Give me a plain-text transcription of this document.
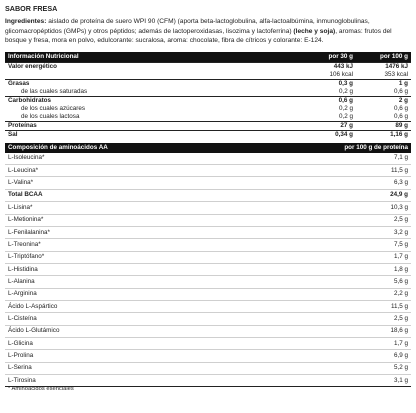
SABOR FRESA
Ingredientes: aislado de proteína de suero WPI 90 (CFM) (aporta beta-lactoglobulina, alfa-lactoalbúmina, inmunoglobulinas, glicomacropéptidos (GMPs) y otros péptidos; además de lactoperoxidasas, lisozima y lactoferrina) (leche y soja), aromas: frutos del bosque y fresa, mora en polvo, edulcorante: sucralosa, aroma: chocolate, fibra de cítricos y colorante: E-124.
Información Nutricional	por 30 g	por 100 g
Valor energético	443 kJ	1476 kJ
	106 kcal	353 kcal
Grasas	0,3 g	1 g
de las cuales saturadas	0,2 g	0,6 g
Carbohidratos	0,6 g	2 g
de los cuales azúcares	0,2 g	0,6 g
de los cuales lactosa	0,2 g	0,6 g
Proteínas	27 g	89 g
Sal	0,34 g	1,16 g
Composición de aminoácidos AA	por 100 g de proteína
L-Isoleucina*	7,1 g
L-Leucina*	11,5 g
L-Valina*	6,3 g
Total BCAA	24,9 g
L-Lisina*	10,3 g
L-Metionina*	2,5 g
L-Fenilalanina*	3,2 g
L-Treonina*	7,5 g
L-Triptófano*	1,7 g
L-Histidina	1,8 g
L-Alanina	5,6 g
L-Arginina	2,2 g
Ácido L-Aspártico	11,5 g
L-Cisteína	2,5 g
Ácido L-Glutámico	18,6 g
L-Glicina	1,7 g
L-Prolina	6,9 g
L-Serina	5,2 g
L-Tirosina	3,1 g
* Aminoácidos esenciales
